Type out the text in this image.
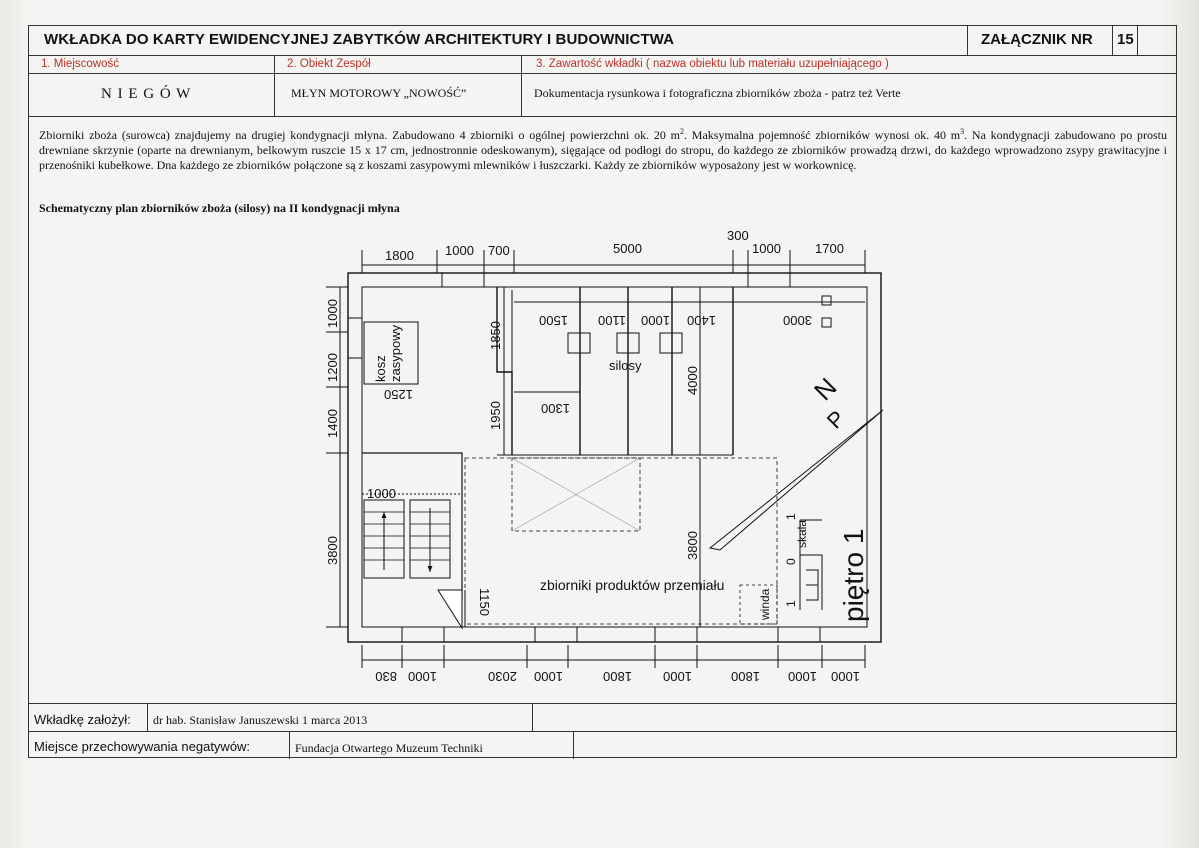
WKŁADKA DO KARTY EWIDENCYJNEJ ZABYTKÓW ARCHITEKTURY I BUDOWNICTWA	ZAŁĄCZNIK NR 15
1. Miejscowość	2. Obiekt Zespół	3. Zawartość wkładki ( nazwa obiektu lub materiału uzupełniającego )
N I E G Ó W	MŁYN MOTOROWY „NOWOŚĆ”	Dokumentacja rysunkowa i fotograficzna zbiorników zboża - patrz też Verte
Zbiorniki zboża (surowca) znajdujemy na drugiej kondygnacji młyna. Zabudowano 4 zbiorniki o ogólnej powierzchni ok. 20 $m^2$. Maksymalna pojemność zbiorników wynosi ok. 40 $m^3$. Na kondygnacji zabudowano po prostu drewniane skrzynie (oparte na drewnianym, belkowym ruszcie 15 x 17 cm, jednostronnie odeskowanym), sięgające od podłogi do stropu, do każdego ze zbiorników prowadzą drzwi, do każdego wprowadzono zsypy grawitacyjne i przenośniki kubełkowe. Dna każdego ze zbiorników połączone są z koszami zasypowymi mlewników i łuszczarki. Każdy ze zbiorników wyposażony jest w workownicę.
Schematyczny plan zbiorników zboża (silosy) na II kondygnacji młyna
Wkładkę założył: dr hab. Stanisław Januszewski 1 marca 2013
Miejsce przechowywania negatywów:	Fundacja Otwartego Muzeum Techniki
1800 1000 700	5000
300
1000	1700
830 1000	2030 1000	1800 1000	1800 1000 1000
1000
1200
1400
3800
1500 1100 1000 1400	3000
1850
1950	1300
4000
3800
1150
1250
1000
silosy
kosz zasypowy
zbiorniki produktów przemiału
winda
skala
0
1
1
N
P
piętro 1
